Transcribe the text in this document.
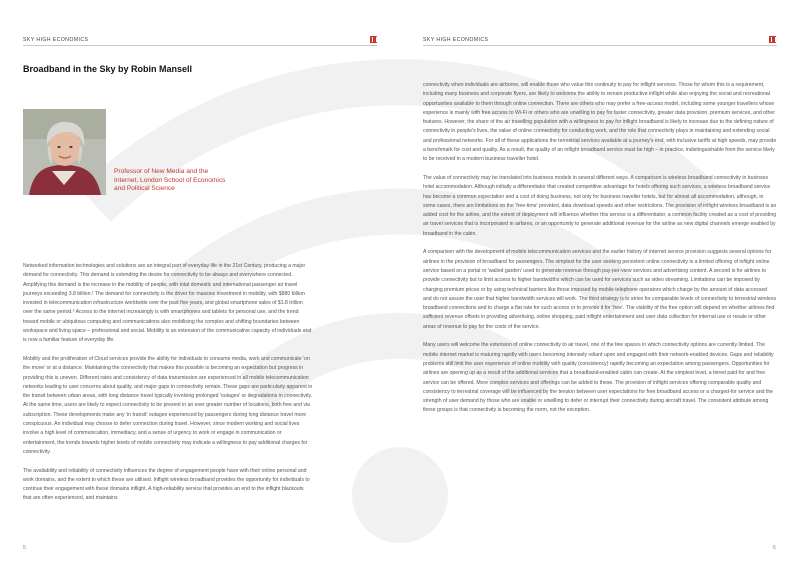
SKY HIGH ECONOMICS
Broadband in the Sky by Robin Mansell
Professor of New Media and the Internet, London School of Economics and Political Science

Networked information technologies and solutions are an integral part of everyday life in the 21st Century, producing a major demand for connectivity. This demand is extending the desire for connectivity to be always and everywhere connected. Amplifying this demand is the increase in the mobility of people, with total domestic and international passenger air travel journeys exceeding 3.8 billion.¹ The demand for connectivity is the driver for massive investment in mobility, with $880 billion invested in telecommunication infrastructure worldwide over the past five years, and global smartphone sales of $1.8 trillion over the same period.² Access to the internet increasingly is with smartphones and tablets for personal use, and the trend toward mobile or ubiquitous computing and communications also mobilising the complex and shifting boundaries between workspace and living space – professional and social. Mobility is an extension of the communicative capacity of individuals and is now a familiar feature of everyday life.

Mobility and the proliferation of Cloud services provide the ability for individuals to consume media, work and communicate 'on the move' or at a distance. Maintaining the connectivity that makes this possible is becoming an expectation but progress in providing this is uneven. Different rates and consistency of data transmission are experienced in all mobile telecommunication networks leading to user concerns about quality, and major gaps in connectivity remain. These gaps are particularly apparent in the transit between urban areas, with long distance travel typically involving prolonged 'outages' or degradations in connectivity. At the same time, users are likely to expect connectivity to be present in an ever greater number of locations, both free and via subscription. These developments make any 'in transit' outages experienced by passengers during long distance travel more conspicuous. An individual may choose to defer connection during travel. However, since modern working and social lives involve a high level of communication, immediacy, and a sense of urgency to work or engage in communication or entertainment, the trends towards higher levels of mobile connectivity may indicate a willingness to pay additional charges for connectivity.

The availability and reliability of connectivity influences the degree of engagement people have with their online personal and work domains, and the extent to which these are utilised. Inflight wireless broadband provides the opportunity for individuals to continue their engagement with these domains inflight. A high-reliability service that provides an end to the inflight blackouts that are often experienced, and maintains

5
SKY HIGH ECONOMICS

connectivity when individuals are airborne, will enable those who value this continuity to pay for inflight services. Those for whom this is a requirement, including many business and corporate flyers, are likely to welcome the ability to remain productive inflight while also enjoying the social and recreational opportunities available to them through online connection. There are others who may prefer a free-access model, including some younger travellers whose experience is mainly with free access to Wi-Fi or others who are unwilling to pay for faster connectivity, greater data provision, premium services, and other features. However, the share of the air travelling population with a willingness to pay for inflight broadband is likely to increase due to the defining nature of connectivity in people's lives, the value of online connectivity for conducting work, and the role that connectivity plays in maintaining and extending social and professional networks. For all of these applications the terrestrial services available at a journey's end, with inclusive tariffs at high speeds, may provide a benchmark for cost and quality. As a result, the quality of an inflight broadband service must be high – in practice, indistinguishable from the service likely to be received in a modern business traveller hotel.

The value of connectivity may be translated into business models in several different ways. A comparison is wireless broadband connectivity in business hotel accommodation. Although initially a differentiator that created competitive advantage for hotels offering such services, a wireless broadband service has become a common expectation and a cost of doing business, not only for business traveller hotels, but for almost all accommodation, although, in some cases, there are limitations on the 'free-time' provided, data download speeds and other restrictions. The provision of inflight wireless broadband is an added cost for the airline, and the extent of deployment will influence whether this service is a differentiator, a common facility created as a cost of providing air travel services that is incorporated in airfares, or an opportunity to generate additional revenue for the airline as new digital channels emerge enabled by broadband in the cabin.

A comparison with the development of mobile telecommunication services and the earlier history of internet service provision suggests several options for airlines in the provision of broadband for passengers. The simplest for the user seeking persistent online connectivity is a limited offering of inflight online service based on a portal or 'walled garden' used to generate revenue through pay-per-view services and advertising content. A second is for airlines to provide connectivity but to limit access to higher bandwidths which can be used for services such as video streaming. Limitations can be imposed by charging premium prices or by using technical barriers like those imposed by mobile telephone operators which charge by the amount of data accessed and do not assure the user that higher bandwidth services will work. The third strategy is to strive for comparable levels of connectivity to terrestrial wireless broadband connections and to charge a flat rate for such access or to provide it for 'free'. The viability of the free option will depend on whether airlines find sufficient revenue offsets in providing advertising, online shopping, paid inflight entertainment and user data collection for internal use or resale or other areas of revenue to pay for the costs of the service.

Many users will welcome the extension of online connectivity to air travel, one of the few spaces in which connectivity options are currently limited. The mobile internet market is maturing rapidly with users becoming intensely reliant upon and engaged with their network-enabled devices. Gaps and reliability problems still limit the user experience of online mobility with quality (consistency) rapidly becoming an expectation among passengers. Opportunities for airlines are opening up as a result of the additional services that a broadband-enabled cabin can create. At the simplest level, a tiered paid-for and free service can be offered. More complex services and offerings can be added to these. The provision of inflight services offering comparable quality and consistency to terrestrial coverage will be influenced by the tension between user expectations for free broadband access or a charged-for service and the strength of user demand by those who are unable or unwilling to defer or interrupt their connectivity during aircraft travel. The consistent attribute among these groups is that connectivity is becoming the norm, not the exception.

6
